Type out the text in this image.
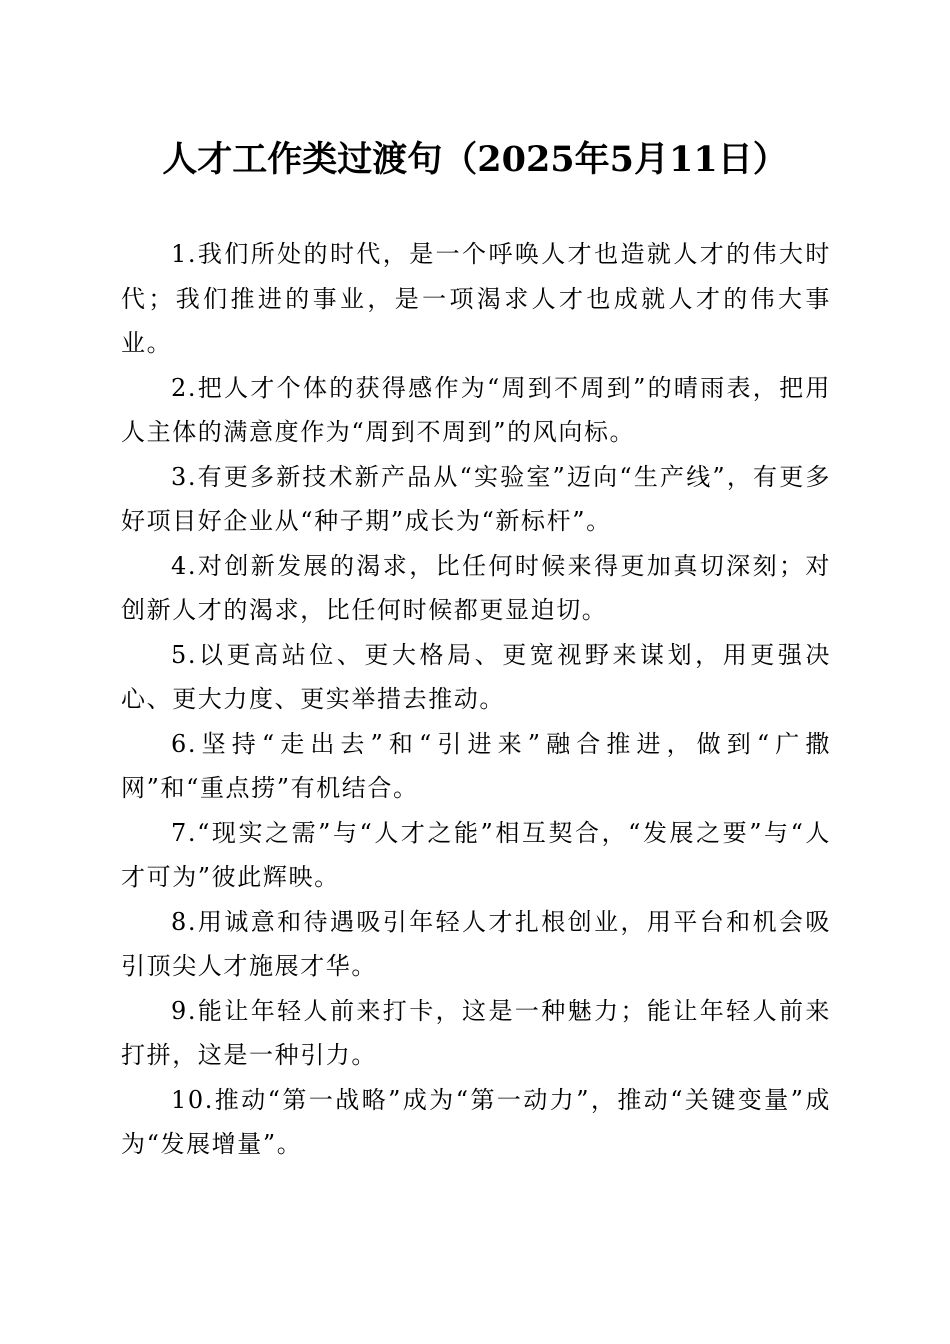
人才工作类过渡句（2025年5月11日）

1.我们所处的时代，是一个呼唤人才也造就人才的伟大时代；我们推进的事业，是一项渴求人才也成就人才的伟大事业。

2.把人才个体的获得感作为“周到不周到”的晴雨表，把用人主体的满意度作为“周到不周到”的风向标。

3.有更多新技术新产品从“实验室”迈向“生产线”，有更多好项目好企业从“种子期”成长为“新标杆”。

4.对创新发展的渴求，比任何时候来得更加真切深刻；对创新人才的渴求，比任何时候都更显迫切。

5.以更高站位、更大格局、更宽视野来谋划，用更强决心、更大力度、更实举措去推动。

6.坚持“走出去”和“引进来”融合推进，做到“广撒网”和“重点捞”有机结合。

7.“现实之需”与“人才之能”相互契合，“发展之要”与“人才可为”彼此辉映。

8.用诚意和待遇吸引年轻人才扎根创业，用平台和机会吸引顶尖人才施展才华。

9.能让年轻人前来打卡，这是一种魅力；能让年轻人前来打拼，这是一种引力。

10.推动“第一战略”成为“第一动力”，推动“关键变量”成为“发展增量”。
